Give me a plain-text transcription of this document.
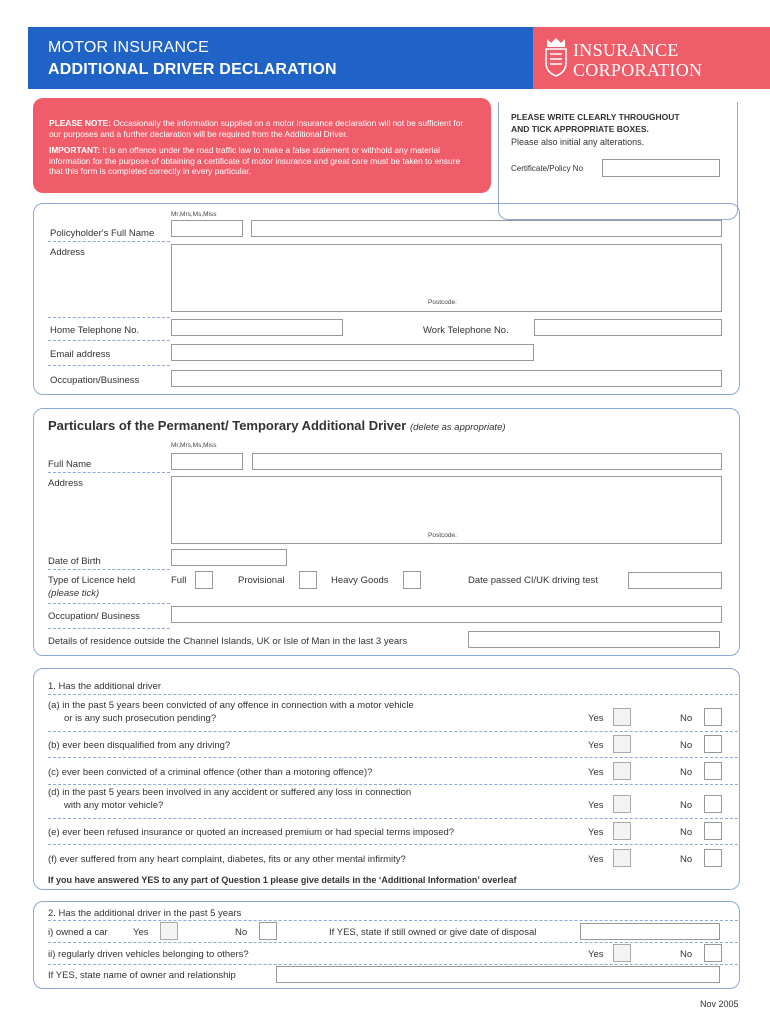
MOTOR INSURANCE
ADDITIONAL DRIVER DECLARATION
INSURANCE
CORPORATION

PLEASE NOTE: Occasionally the information supplied on a motor insurance declaration will not be sufficient for our purposes and a further declaration will be required from the Additional Driver.

IMPORTANT: It is an offence under the road traffic law to make a false statement or withhold any material information for the purpose of obtaining a certificate of motor insurance and great care must be taken to ensure that this form is completed correctly in every particular.

PLEASE WRITE CLEARLY THROUGHOUT
AND TICK APPROPRIATE BOXES.
Please also initial any alterations.
Certificate/Policy No
Mr,Mrs,Ms,Miss
Policyholder's Full Name
Address
Postcode:
Home Telephone No.	Work Telephone No.
Email address
Occupation/Business
Particulars of the Permanent/ Temporary Additional Driver (delete as appropriate)
Mr,Mrs,Ms,Miss
Full Name
Address
Postcode:
Date of Birth
Type of Licence held
(please tick)
Full	Provisional	Heavy Goods	Date passed CI/UK driving test
Occupation/ Business
Details of residence outside the Channel Islands, UK or Isle of Man in the last 3 years
1. Has the additional driver
(a) in the past 5 years been convicted of any offence in connection with a motor vehicle
or is any such prosecution pending?	Yes	No
(b) ever been disqualified from any driving?	Yes	No
(c) ever been convicted of a criminal offence (other than a motoring offence)?	Yes	No
(d) in the past 5 years been involved in any accident or suffered any loss in connection
with any motor vehicle?	Yes	No
(e) ever been refused insurance or quoted an increased premium or had special terms imposed?	Yes	No
(f) ever suffered from any heart complaint, diabetes, fits or any other mental infirmity?	Yes	No
If you have answered YES to any part of Question 1 please give details in the ‘Additional Information’ overleaf
2. Has the additional driver in the past 5 years
i) owned a car	Yes	No	If YES, state if still owned or give date of disposal
ii) regularly driven vehicles belonging to others?	Yes	No
If YES, state name of owner and relationship
Nov 2005
